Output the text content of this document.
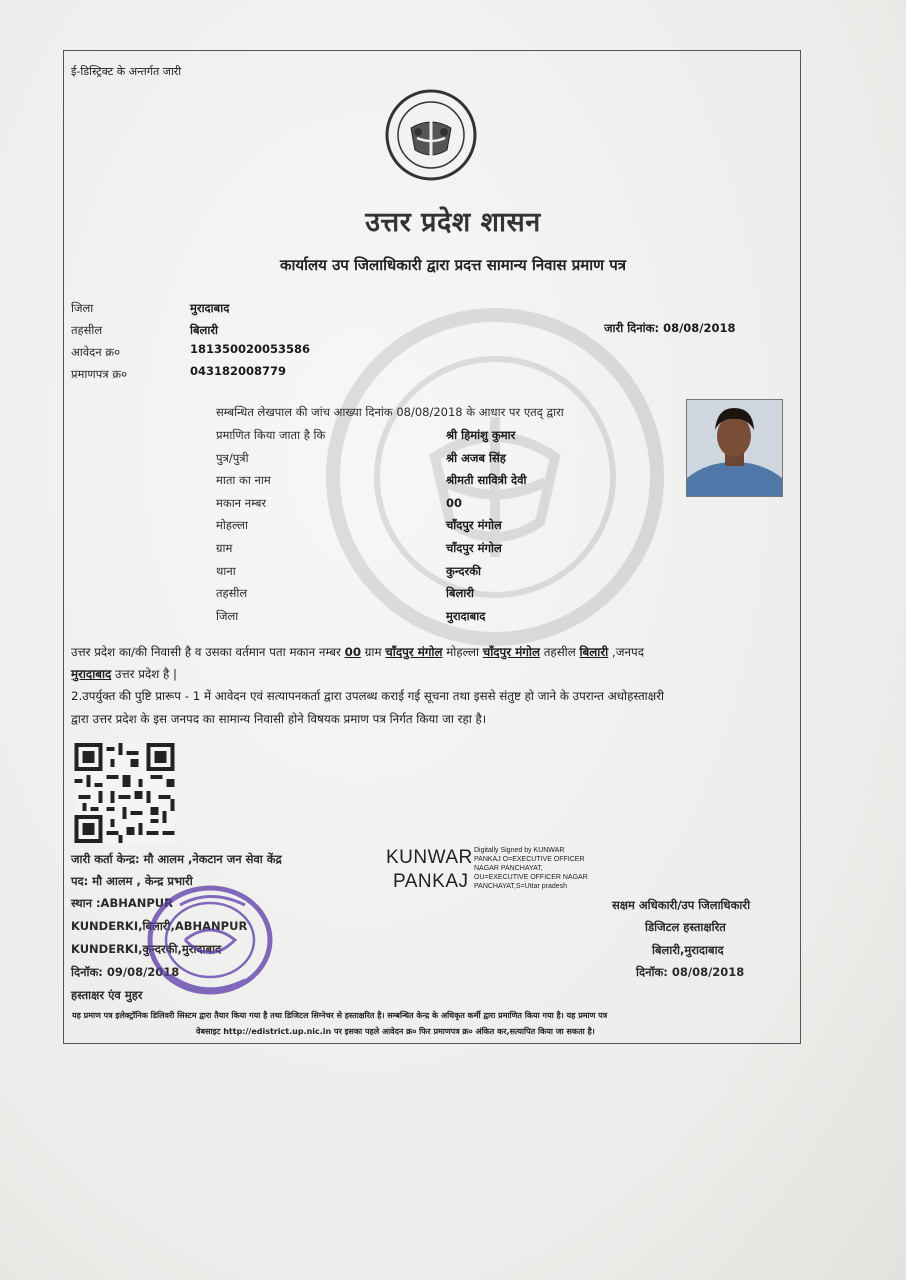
ई-डिस्ट्रिक्ट के अन्तर्गत जारी
उत्तर प्रदेश शासन
कार्यालय उप जिलाधिकारी द्वारा प्रदत्त सामान्य निवास प्रमाण पत्र
जिला	मुरादाबाद
तहसील	बिलारी
आवेदन क्र०	181350020053586
प्रमाणपत्र क्र०	043182008779
जारी दिनांक: 08/08/2018
सम्बन्धित लेखपाल की जांच आख्या दिनांक 08/08/2018 के आधार पर एतद् द्वारा
प्रमाणित किया जाता है कि	श्री हिमांशु कुमार
पुत्र/पुत्री	श्री अजब सिंह
माता का नाम	श्रीमती सावित्री देवी
मकान नम्बर	00
मोहल्ला	चाँदपुर मंगोल
ग्राम	चाँदपुर मंगोल
थाना	कुन्दरकी
तहसील	बिलारी
जिला	मुरादाबाद
उत्तर प्रदेश का/की निवासी है व उसका वर्तमान पता मकान नम्बर 00 ग्राम चाँदपुर मंगोल मोहल्ला चाँदपुर मंगोल तहसील बिलारी ,जनपद
मुरादाबाद उत्तर प्रदेश है |
2.उपर्युक्त की पुष्टि प्रारूप - 1 में आवेदन एवं सत्यापनकर्ता द्वारा उपलब्ध कराई गई सूचना तथा इससे संतुष्ट हो जाने के उपरान्त अधोहस्ताक्षरी
द्वारा उत्तर प्रदेश के इस जनपद का सामान्य निवासी होने विषयक प्रमाण पत्र निर्गत किया जा रहा है।
जारी कर्ता केन्द्र: मौ आलम ,नेकटान जन सेवा केंद्र
पद: मौ आलम , केन्द्र प्रभारी
स्थान :ABHANPUR
KUNDERKI,बिलारी,ABHANPUR
KUNDERKI,कुन्दरकी,मुरादाबाद
दिनॉक: 09/08/2018
हस्ताक्षर एंव मुहर
KUNWAR
PANKAJ
Digitally Signed by KUNWAR
PANKAJ O=EXECUTIVE OFFICER
NAGAR PANCHAYAT,
OU=EXECUTIVE OFFICER NAGAR
PANCHAYAT,S=Uttar pradesh
सक्षम अधिकारी/उप जिलाधिकारी
डिजिटल हस्ताक्षरित
बिलारी,मुरादाबाद
दिनॉक: 08/08/2018
यह प्रमाण पत्र इलेक्ट्रॉनिक डिलिवरी सिस्टम द्वारा तैयार किया गया है तथा डिजिटल सिग्नेचर से हस्ताक्षरित है। सम्बन्धित केन्द्र के अधिकृत कर्मी द्वारा प्रमाणित किया गया है। यह प्रमाण पत्र
वेबसाइट http://edistrict.up.nic.in पर इसका पहले आवेदन क्र० फिर प्रमाणपत्र क्र० अंकित कर,सत्यापित किया जा सकता है।
